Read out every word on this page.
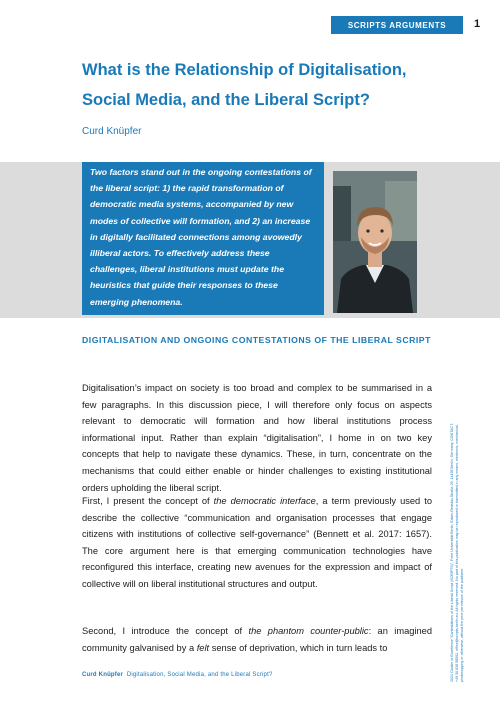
SCRIPTS ARGUMENTS	1
What is the Relationship of Digitalisation, Social Media, and the Liberal Script?
Curd Knüpfer

Two factors stand out in the ongoing contestations of the liberal script: 1) the rapid transformation of democratic media systems, accompanied by new modes of collective will formation, and 2) an increase in digitally facilitated connections among avowedly illiberal actors. To effectively address these challenges, liberal institutions must update the heuristics that guide their responses to these emerging phenomena.

DIGITALISATION AND ONGOING CONTESTATIONS OF THE LIBERAL SCRIPT

Digitalisation’s impact on society is too broad and complex to be summarised in a few paragraphs. In this discussion piece, I will therefore only focus on aspects relevant to democratic will formation and how liberal institutions process informational input. Rather than explain “digitalisation”, I home in on two key concepts that help to navigate these dynamics. These, in turn, concentrate on the mechanisms that could either enable or hinder challenges to existing institutional orders upholding the liberal script.

First, I present the concept of the democratic interface, a term previously used to describe the collective “communication and organisation processes that engage citizens with institutions of collective self-governance” (Bennett et al. 2017: 1657). The core argument here is that emerging communication technologies have reconfigured this interface, creating new avenues for the expression and impact of collective will on liberal institutional structures and output.

Second, I introduce the concept of the phantom counter-public: an imagined community galvanised by a felt sense of deprivation, which in turn leads to	2021 Cluster of Excellence “Contestations of the Liberal Script (SCRIPTS)”, Freie Universität Berlin, Edwin-Redslob-Straße 29, 14195 Berlin, Germany. CONTACT: +49 30 838 58502, office@scripts-berlin.eu. All rights reserved. No part of this publication may be reproduced or transmitted in any means, electronic, mechanical, photocopying or otherwise, without the prior permission of the publisher.
Curd Knüpfer Digitalisation, Social Media, and the Liberal Script?
